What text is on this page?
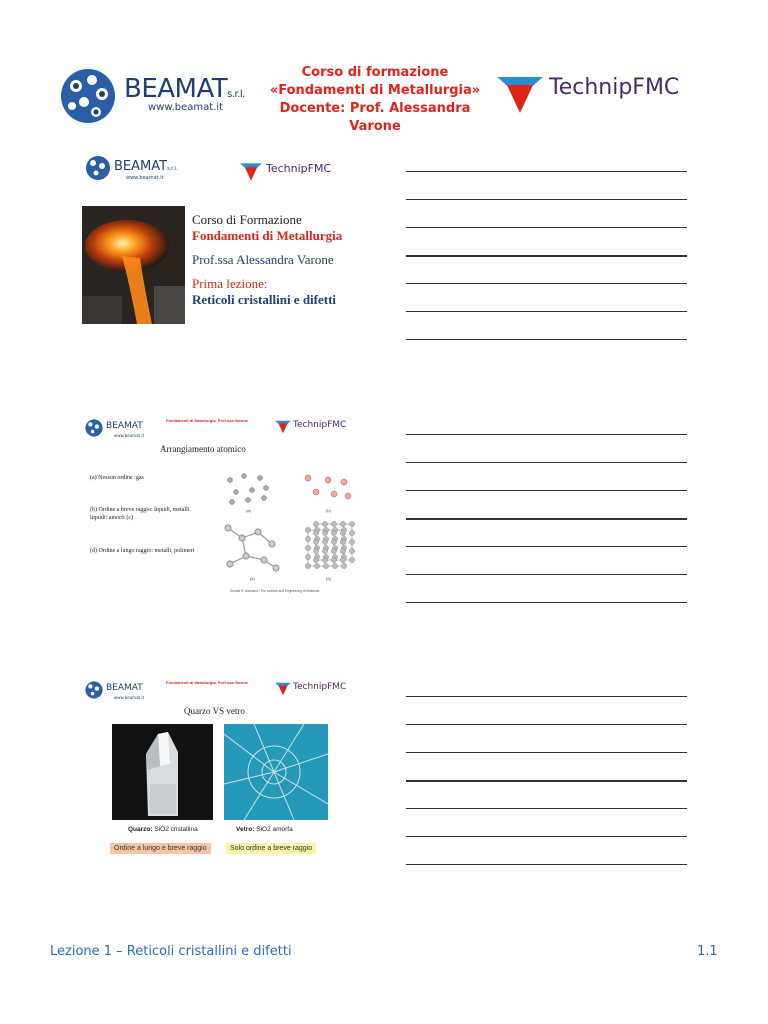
BEAMATs.r.l.
www.beamat.it
Corso di formazione
«Fondamenti di Metallurgia»
Docente: Prof. Alessandra Varone
TechnipFMC
BEAMATs.r.l.
www.beamat.it
TechnipFMC
Corso di Formazione
Fondamenti di Metallurgia
Prof.ssa Alessandra Varone
Prima lezione:
Reticoli cristallini e difetti
BEAMAT
www.beamat.it
Fondamenti di Metallurgia, Prof.ssa Varone	TechnipFMC
Arrangiamento atomico
(a) Nessun ordine :gas
(b) Ordine a breve raggio: liquidi, metalli liquidi: amorfi (c)
(d) Ordine a lungo raggio: metalli, polimeri
(a)	(b)
(c)	(d)
Donald R. Askeland / The science and Engineering of Materials
BEAMAT
www.beamat.it
Fondamenti di Metallurgia, Prof.ssa Varone	TechnipFMC
Quarzo VS vetro
Quarzo: SiO2 cristallina	Vetro: SiO2 amorfa
Ordine a lungo e breve raggio	Solo ordine a breve raggio
Lezione 1 – Reticoli cristallini e difetti	1.1
